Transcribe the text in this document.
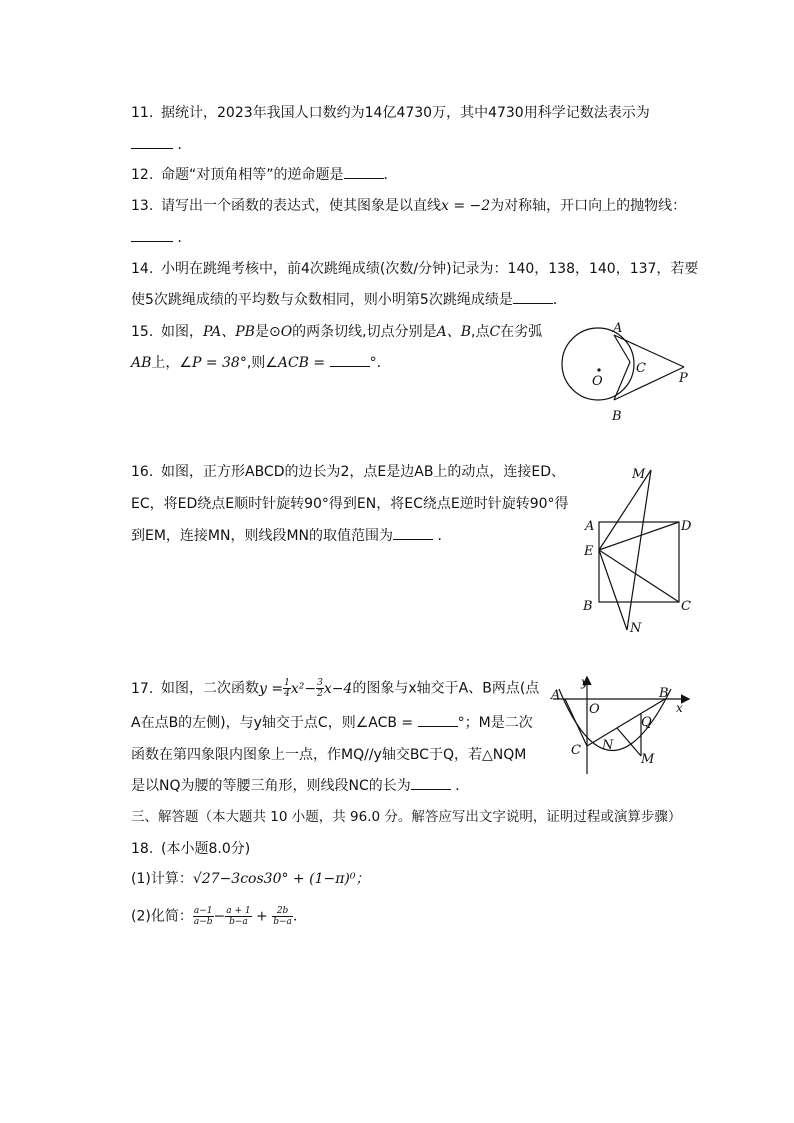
11. 据统计，2023年我国人口数约为14亿4730万，其中4730用科学记数法表示为
．
12. 命题“对顶角相等”的逆命题是	．
13. 请写出一个函数的表达式，使其图象是以直线x = −2为对称轴，开口向上的抛物线：
．
14. 小明在跳绳考核中，前4次跳绳成绩(次数/分钟)记录为：140，138，140，137，若要
使5次跳绳成绩的平均数与众数相同，则小明第5次跳绳成绩是	．
15. 如图，PA、PB是⊙O的两条切线,切点分别是A、B,点C在劣弧
AB上，∠P = 38°,则∠ACB =	°.
A
C
P
O
B
16. 如图，正方形ABCD的边长为2，点E是边AB上的动点，连接ED、
EC，将ED绕点E顺时针旋转90°得到EN，将EC绕点E逆时针旋转90°得
到EM，连接MN，则线段MN的取值范围为	．
M
A	D
E
B	C
N
17. 如图，二次函数$y = \frac{1}{4} x^2- \frac{3}{2} x-4$的图象与x轴交于A、B两点(点
A在点B的左侧)，与y轴交于点C，则∠ACB =	°；M是二次
函数在第四象限内图象上一点，作MQ//y轴交BC于Q，若△NQM
是以NQ为腰的等腰三角形，则线段NC的长为	．
y
A
O
B
x
Q
C N
M
三、解答题（本大题共 10 小题，共 96.0 分。解答应写出文字说明，证明过程或演算步骤）
18. (本小题8.0分)
(1)计算：√27−3cos30° + (1−π)⁰；
(2)化简： $\frac{a-1}{a-b} - \frac{a + 1}{b-a} + \frac{2b}{b-a}$ .
